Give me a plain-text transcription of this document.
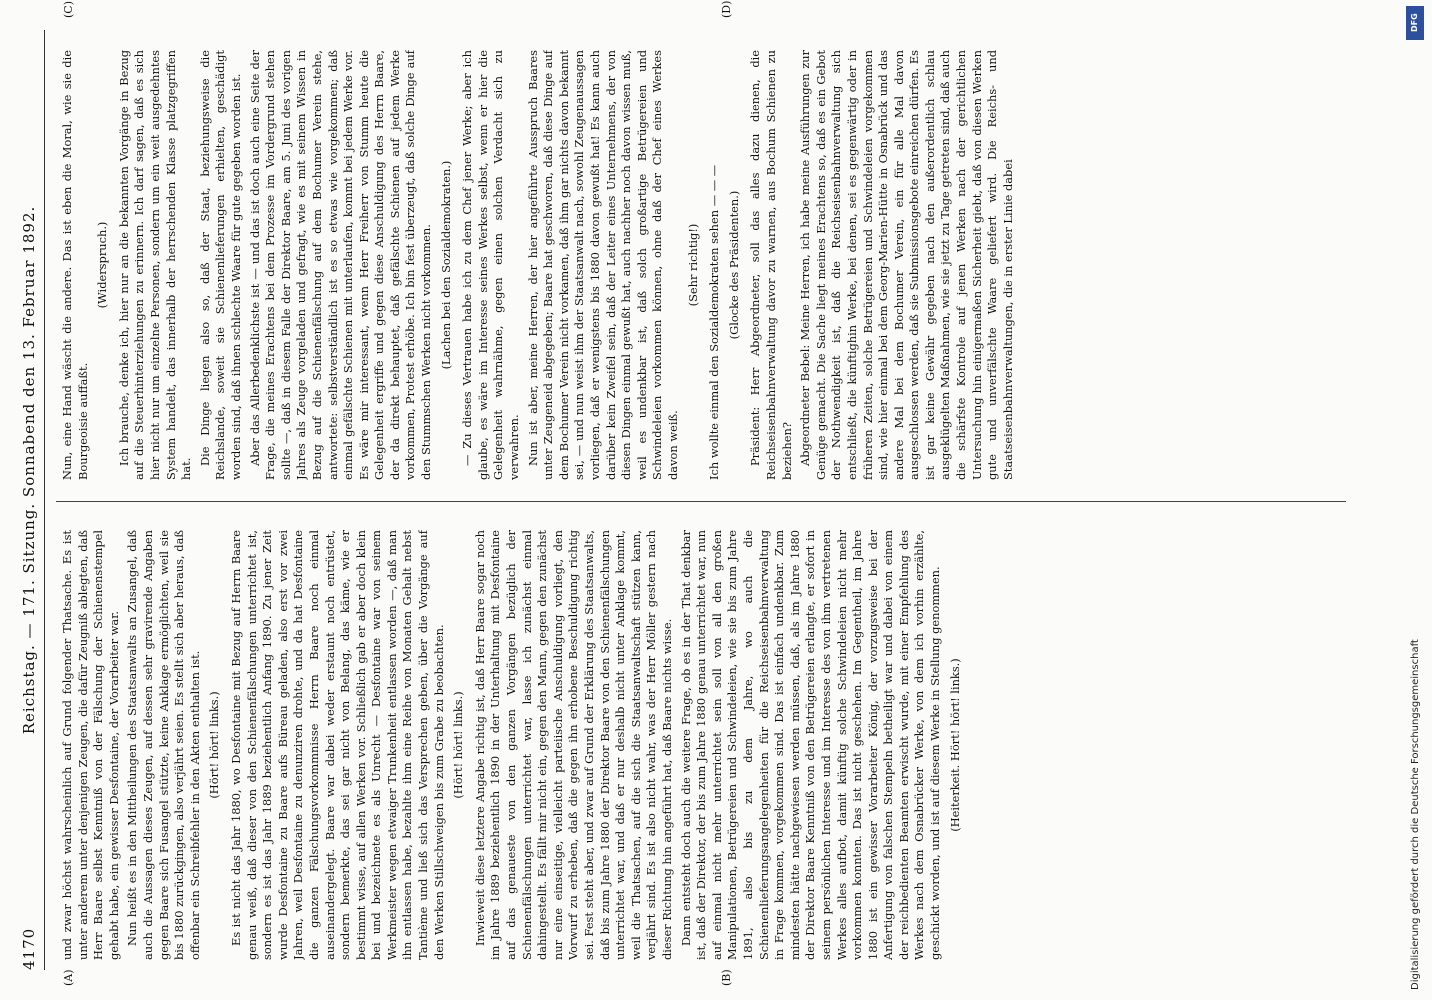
4170
Reichstag. — 171. Sitzung. Sonnabend den 13. Februar 1892.
(A)	(B)
(C)	(D)

und zwar höchst wahrscheinlich auf Grund folgender Thatsache. Es ist unter anderem unter denjenigen Zeugen, die dafür Zeugniß ablegten, daß Herr Baare selbst Kenntniß von der Fälschung der Schienenstempel gehabt habe, ein gewisser Desfontaine, der Vorarbeiter war. Nun heißt es in den Mittheilungen des Staatsanwalts an Zusangel, daß auch die Aussagen dieses Zeugen, auf dessen sehr gravirende Angaben gegen Baare sich Fusangel stützte, keine Anklage ermöglichten, weil sie bis 1880 zurückgingen, also verjährt seien. Es stellt sich aber heraus, daß offenbar ein Schreibfehler in den Akten enthalten ist. (Hört! hört! links.) Es ist nicht das Jahr 1880, wo Desfontaine mit Bezug auf Herrn Baare genau weiß, daß dieser von den Schienenfälschungen unterrichtet ist, sondern es ist das Jahr 1889 beziehentlich Anfang 1890. Zu jener Zeit wurde Desfontaine zu Baare aufs Büreau geladen, also erst vor zwei Jahren, weil Desfontaine zu denunziren drohte, und da hat Desfontaine die ganzen Fälschungsvorkommnisse Herrn Baare noch einmal auseinandergelegt. Baare war dabei weder erstaunt noch entrüstet, sondern bemerkte, das sei gar nicht von Belang, das käme, wie er bestimmt wisse, auf allen Werken vor. Schließlich gab er aber doch klein bei und bezeichnete es als Unrecht — Desfontaine war von seinem Werkmeister wegen etwaiger Trunkenheit entlassen worden —, daß man ihn entlassen habe, bezahlte ihm eine Reihe von Monaten Gehalt nebst Tantième und ließ sich das Versprechen geben, über die Vorgänge auf den Werken Stillschweigen bis zum Grabe zu beobachten. (Hört! hört! links.) Inwieweit diese letztere Angabe richtig ist, daß Herr Baare sogar noch im Jahre 1889 beziehentlich 1890 in der Unterhaltung mit Desfontaine auf das genaueste von den ganzen Vorgängen bezüglich der Schienenfälschungen unterrichtet war, lasse ich zunächst einmal dahingestellt. Es fällt mir nicht ein, gegen den Mann, gegen den zunächst nur eine einseitige, vielleicht parteiische Anschuldigung vorliegt, den Vorwurf zu erheben, daß die gegen ihn erhobene Beschuldigung richtig sei. Fest steht aber, und zwar auf Grund der Erklärung des Staatsanwalts, daß bis zum Jahre 1880 der Direktor Baare von den Schienenfälschungen unterrichtet war, und daß er nur deshalb nicht unter Anklage kommt, weil die Thatsachen, auf die sich die Staatsanwaltschaft stützen kann, verjährt sind. Es ist also nicht wahr, was der Herr Möller gestern nach dieser Richtung hin angeführt hat, daß Baare nichts wisse. Dann entsteht doch auch die weitere Frage, ob es in der That denkbar ist, daß der Direktor, der bis zum Jahre 1880 genau unterrichtet war, nun auf einmal nicht mehr unterrichtet sein soll von all den großen Manipulationen, Betrügereien und Schwindeleien, wie sie bis zum Jahre 1891, also bis zu dem Jahre, wo auch die Schienenlieferungsangelegenheiten für die Reichseisenbahnverwaltung in Frage kommen, vorgekommen sind. Das ist einfach undenkbar. Zum mindesten hätte nachgewiesen werden müssen, daß, als im Jahre 1880 der Direktor Baare Kenntniß von den Betrügereien erlangte, er sofort in seinem persönlichen Interesse und im Interesse des von ihm vertretenen Werkes alles aufbot, damit künftig solche Schwindeleien nicht mehr vorkommen konnten. Das ist nicht geschehen. Im Gegentheil, im Jahre 1880 ist ein gewisser Vorarbeiter König, der vorzugsweise bei der Anfertigung von falschen Stempeln betheiligt war und dabei von einem der reichbedienten Beamten erwischt wurde, mit einer Empfehlung des Werkes nach dem Osnabrücker Werke, von dem ich vorhin erzählte, geschickt worden, und ist auf diesem Werke in Stellung genommen. (Heiterkeit. Hört! hört! links.)

Nun, eine Hand wäscht die andere. Das ist eben die Moral, wie sie die Bourgeoisie auffaßt.

(Widerspruch.) Ich brauche, denke ich, hier nur an die bekannten Vorgänge in Bezug auf die Steuerhinterziehungen zu erinnern. Ich darf sagen, daß es sich hier nicht nur um einzelne Personen, sondern um ein weit ausgedehntes System handelt, das innerhalb der herrschenden Klasse platzgegriffen hat.

Die Dinge liegen also so, daß der Staat, beziehungsweise die Reichslande, soweit sie Schienenlieferungen erhielten, geschädigt worden sind, daß ihnen schlechte Waare für gute gegeben worden ist. Aber das Allerbedenklichste ist — und das ist doch auch eine Seite der Frage, die meines Erachtens bei dem Prozesse im Vordergrund stehen sollte —, daß in diesem Falle der Direktor Baare, am 5. Juni des vorigen Jahres als Zeuge vorgeladen und gefragt, wie es mit seinem Wissen in Bezug auf die Schienenfälschung auf dem Bochumer Verein stehe, antwortete: selbstverständlich ist es so etwas wie vorgekommen; daß einmal gefälschte Schienen mit unterlaufen, kommt bei jedem Werke vor. Es wäre mir interessant, wenn Herr Freiherr von Stumm heute die Gelegenheit ergriffe und gegen diese Anschuldigung des Herrn Baare, der da direkt behauptet, daß gefälschte Schienen auf jedem Werke vorkommen, Protest erhöbe. Ich bin fest überzeugt, daß solche Dinge auf den Stummschen Werken nicht vorkommen. (Lachen bei den Sozialdemokraten.) — Zu dieses Vertrauen habe ich zu dem Chef jener Werke; aber ich glaube, es wäre im Interesse seines Werkes selbst, wenn er hier die Gelegenheit wahrnähme, gegen einen solchen Verdacht sich zu verwahren. Nun ist aber, meine Herren, der hier angeführte Ausspruch Baares unter Zeugeneid abgegeben; Baare hat geschworen, daß diese Dinge auf dem Bochumer Verein nicht vorkamen, daß ihm gar nichts davon bekannt sei, — und nun weist ihm der Staatsanwalt nach, sowohl Zeugenaussagen vorliegen, daß er wenigstens bis 1880 davon gewußt hat! Es kann auch darüber kein Zweifel sein, daß der Leiter eines Unternehmens, der von diesen Dingen einmal gewußt hat, auch nachher noch davon wissen muß, weil es undenkbar ist, daß solch großartige Betrügereien und Schwindeleien vorkommen können, ohne daß der Chef eines Werkes davon weiß.

(Sehr richtig!) Ich wollte einmal den Sozialdemokraten sehen — — — (Glocke des Präsidenten.) Präsident: Herr Abgeordneter, soll das alles dazu dienen, die Reichseisenbahnverwaltung davor zu warnen, aus Bochum Schienen zu beziehen? Abgeordneter Bebel: Meine Herren, ich habe meine Ausführungen zur Genüge gemacht. Die Sache liegt meines Erachtens so, daß es ein Gebot der Nothwendigkeit ist, daß die Reichseisenbahnverwaltung sich entschließt, die künftighin Werke, bei denen, sei es gegenwärtig oder in früheren Zeiten, solche Betrügereien und Schwindeleien vorgekommen sind, wie hier einmal bei dem Georg-Marien-Hütte in Osnabrück und das andere Mal bei dem Bochumer Verein, ein für alle Mal davon ausgeschlossen werden, daß sie Submissionsgebote einreichen dürfen. Es ist gar keine Gewähr gegeben nach den außerordentlich schlau ausgeklügelten Maßnahmen, wie sie jetzt zu Tage getreten sind, daß auch die schärfste Kontrole auf jenen Werken nach der gerichtlichen Untersuchung hin einigermaßen Sicherheit giebt, daß von diesen Werken gute und unverfälschte Waare geliefert wird. Die Reichs- und Staatseisenbahnverwaltungen, die in erster Linie dabei

Digitalisierung gefördert durch die Deutsche Forschungsgemeinschaft
DFG
